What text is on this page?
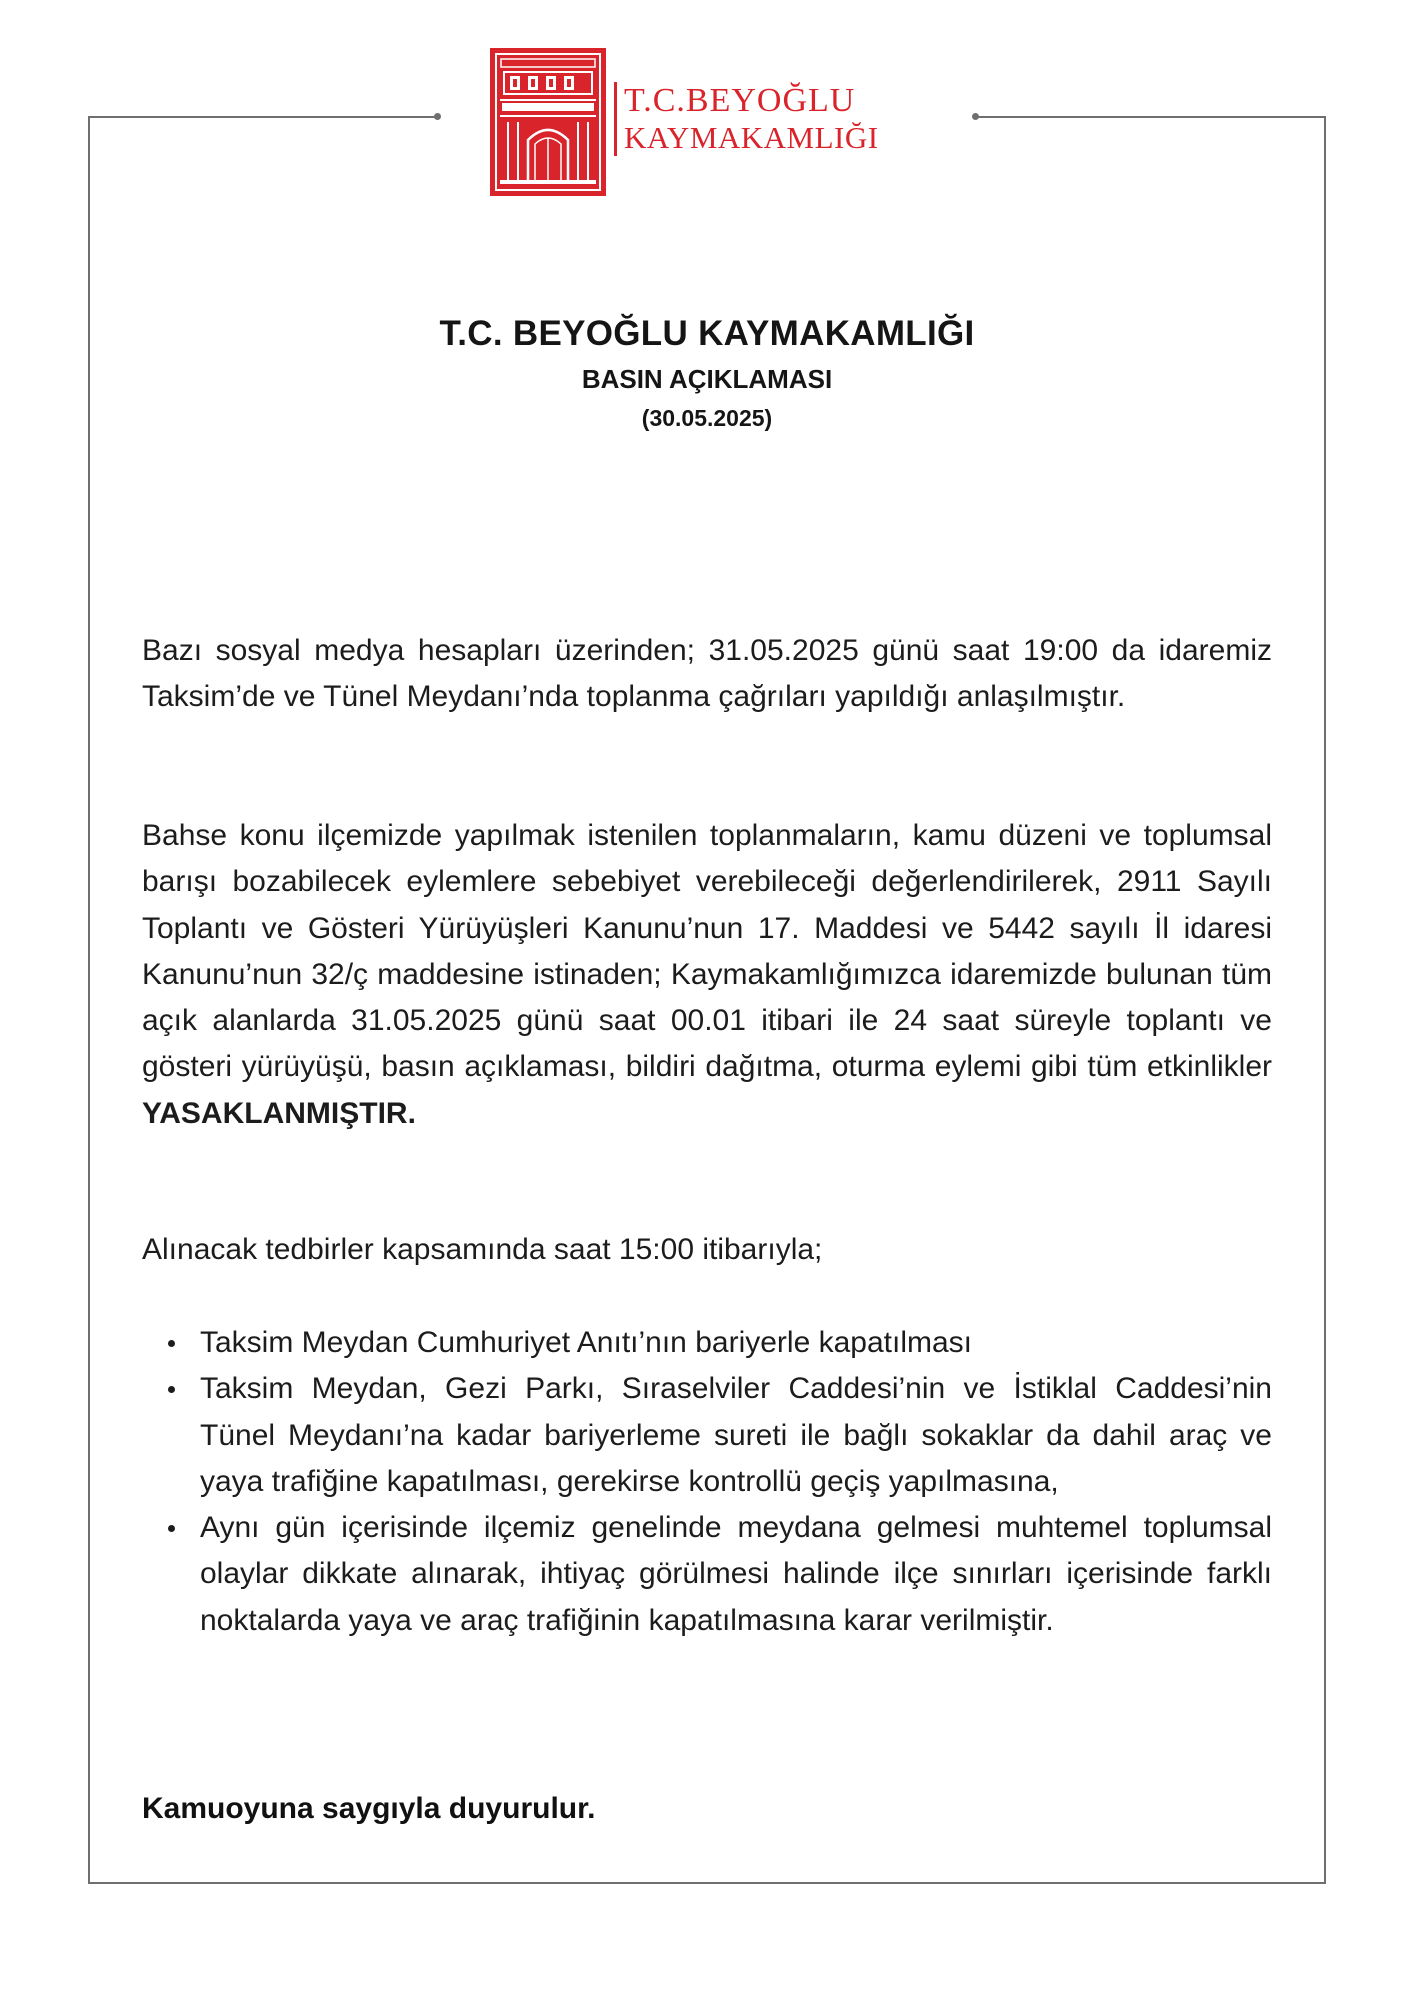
T.C.BEYOĞLU
KAYMAKAMLIĞI
T.C. BEYOĞLU KAYMAKAMLIĞI
BASIN AÇIKLAMASI
(30.05.2025)
Bazı sosyal medya hesapları üzerinden; 31.05.2025 günü saat 19:00 da idaremiz Taksim’de ve Tünel Meydanı’nda toplanma çağrıları yapıldığı anlaşılmıştır.
Bahse konu ilçemizde yapılmak istenilen toplanmaların, kamu düzeni ve toplumsal barışı bozabilecek eylemlere sebebiyet verebileceği değerlendirilerek, 2911 Sayılı Toplantı ve Gösteri Yürüyüşleri Kanunu’nun 17. Maddesi ve 5442 sayılı İl idaresi Kanunu’nun 32/ç maddesine istinaden; Kaymakamlığımızca idaremizde bulunan tüm açık alanlarda 31.05.2025 günü saat 00.01 itibari ile 24 saat süreyle toplantı ve gösteri yürüyüşü, basın açıklaması, bildiri dağıtma, oturma eylemi gibi tüm etkinlikler YASAKLANMIŞTIR.
Alınacak tedbirler kapsamında saat 15:00 itibarıyla;
Taksim Meydan Cumhuriyet Anıtı’nın bariyerle kapatılması
Taksim Meydan, Gezi Parkı, Sıraselviler Caddesi’nin ve İstiklal Caddesi’nin Tünel Meydanı’na kadar bariyerleme sureti ile bağlı sokaklar da dahil araç ve yaya trafiğine kapatılması, gerekirse kontrollü geçiş yapılmasına,
Aynı gün içerisinde ilçemiz genelinde meydana gelmesi muhtemel toplumsal olaylar dikkate alınarak, ihtiyaç görülmesi halinde ilçe sınırları içerisinde farklı noktalarda yaya ve araç trafiğinin kapatılmasına karar verilmiştir.
Kamuoyuna saygıyla duyurulur.
